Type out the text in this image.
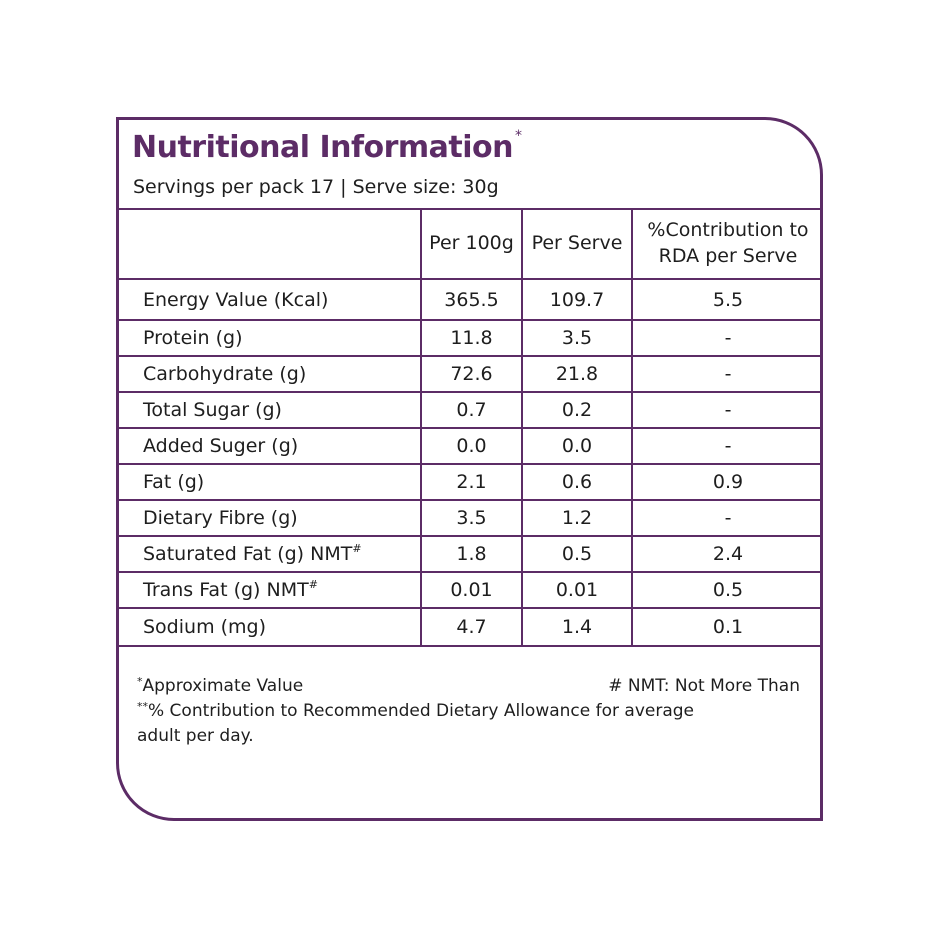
Nutritional Information *

Servings per pack 17 | Serve size: 30g

	Per 100g	Per Serve	%Contribution to RDA per Serve

Energy Value (Kcal)	365.5	109.7	5.5
Protein (g)	11.8	3.5	-
Carbohydrate (g)	72.6	21.8	-
Total Sugar (g)	0.7	0.2	-
Added Suger (g)	0.0	0.0	-
Fat (g)	2.1	0.6	0.9
Dietary Fibre (g)	3.5	1.2	-
Saturated Fat (g) NMT#	1.8	0.5	2.4
Trans Fat (g) NMT#	0.01	0.01	0.5
Sodium (mg)	4.7	1.4	0.1

*Approximate Value	# NMT: Not More Than

**% Contribution to Recommended Dietary Allowance for average

adult per day.
